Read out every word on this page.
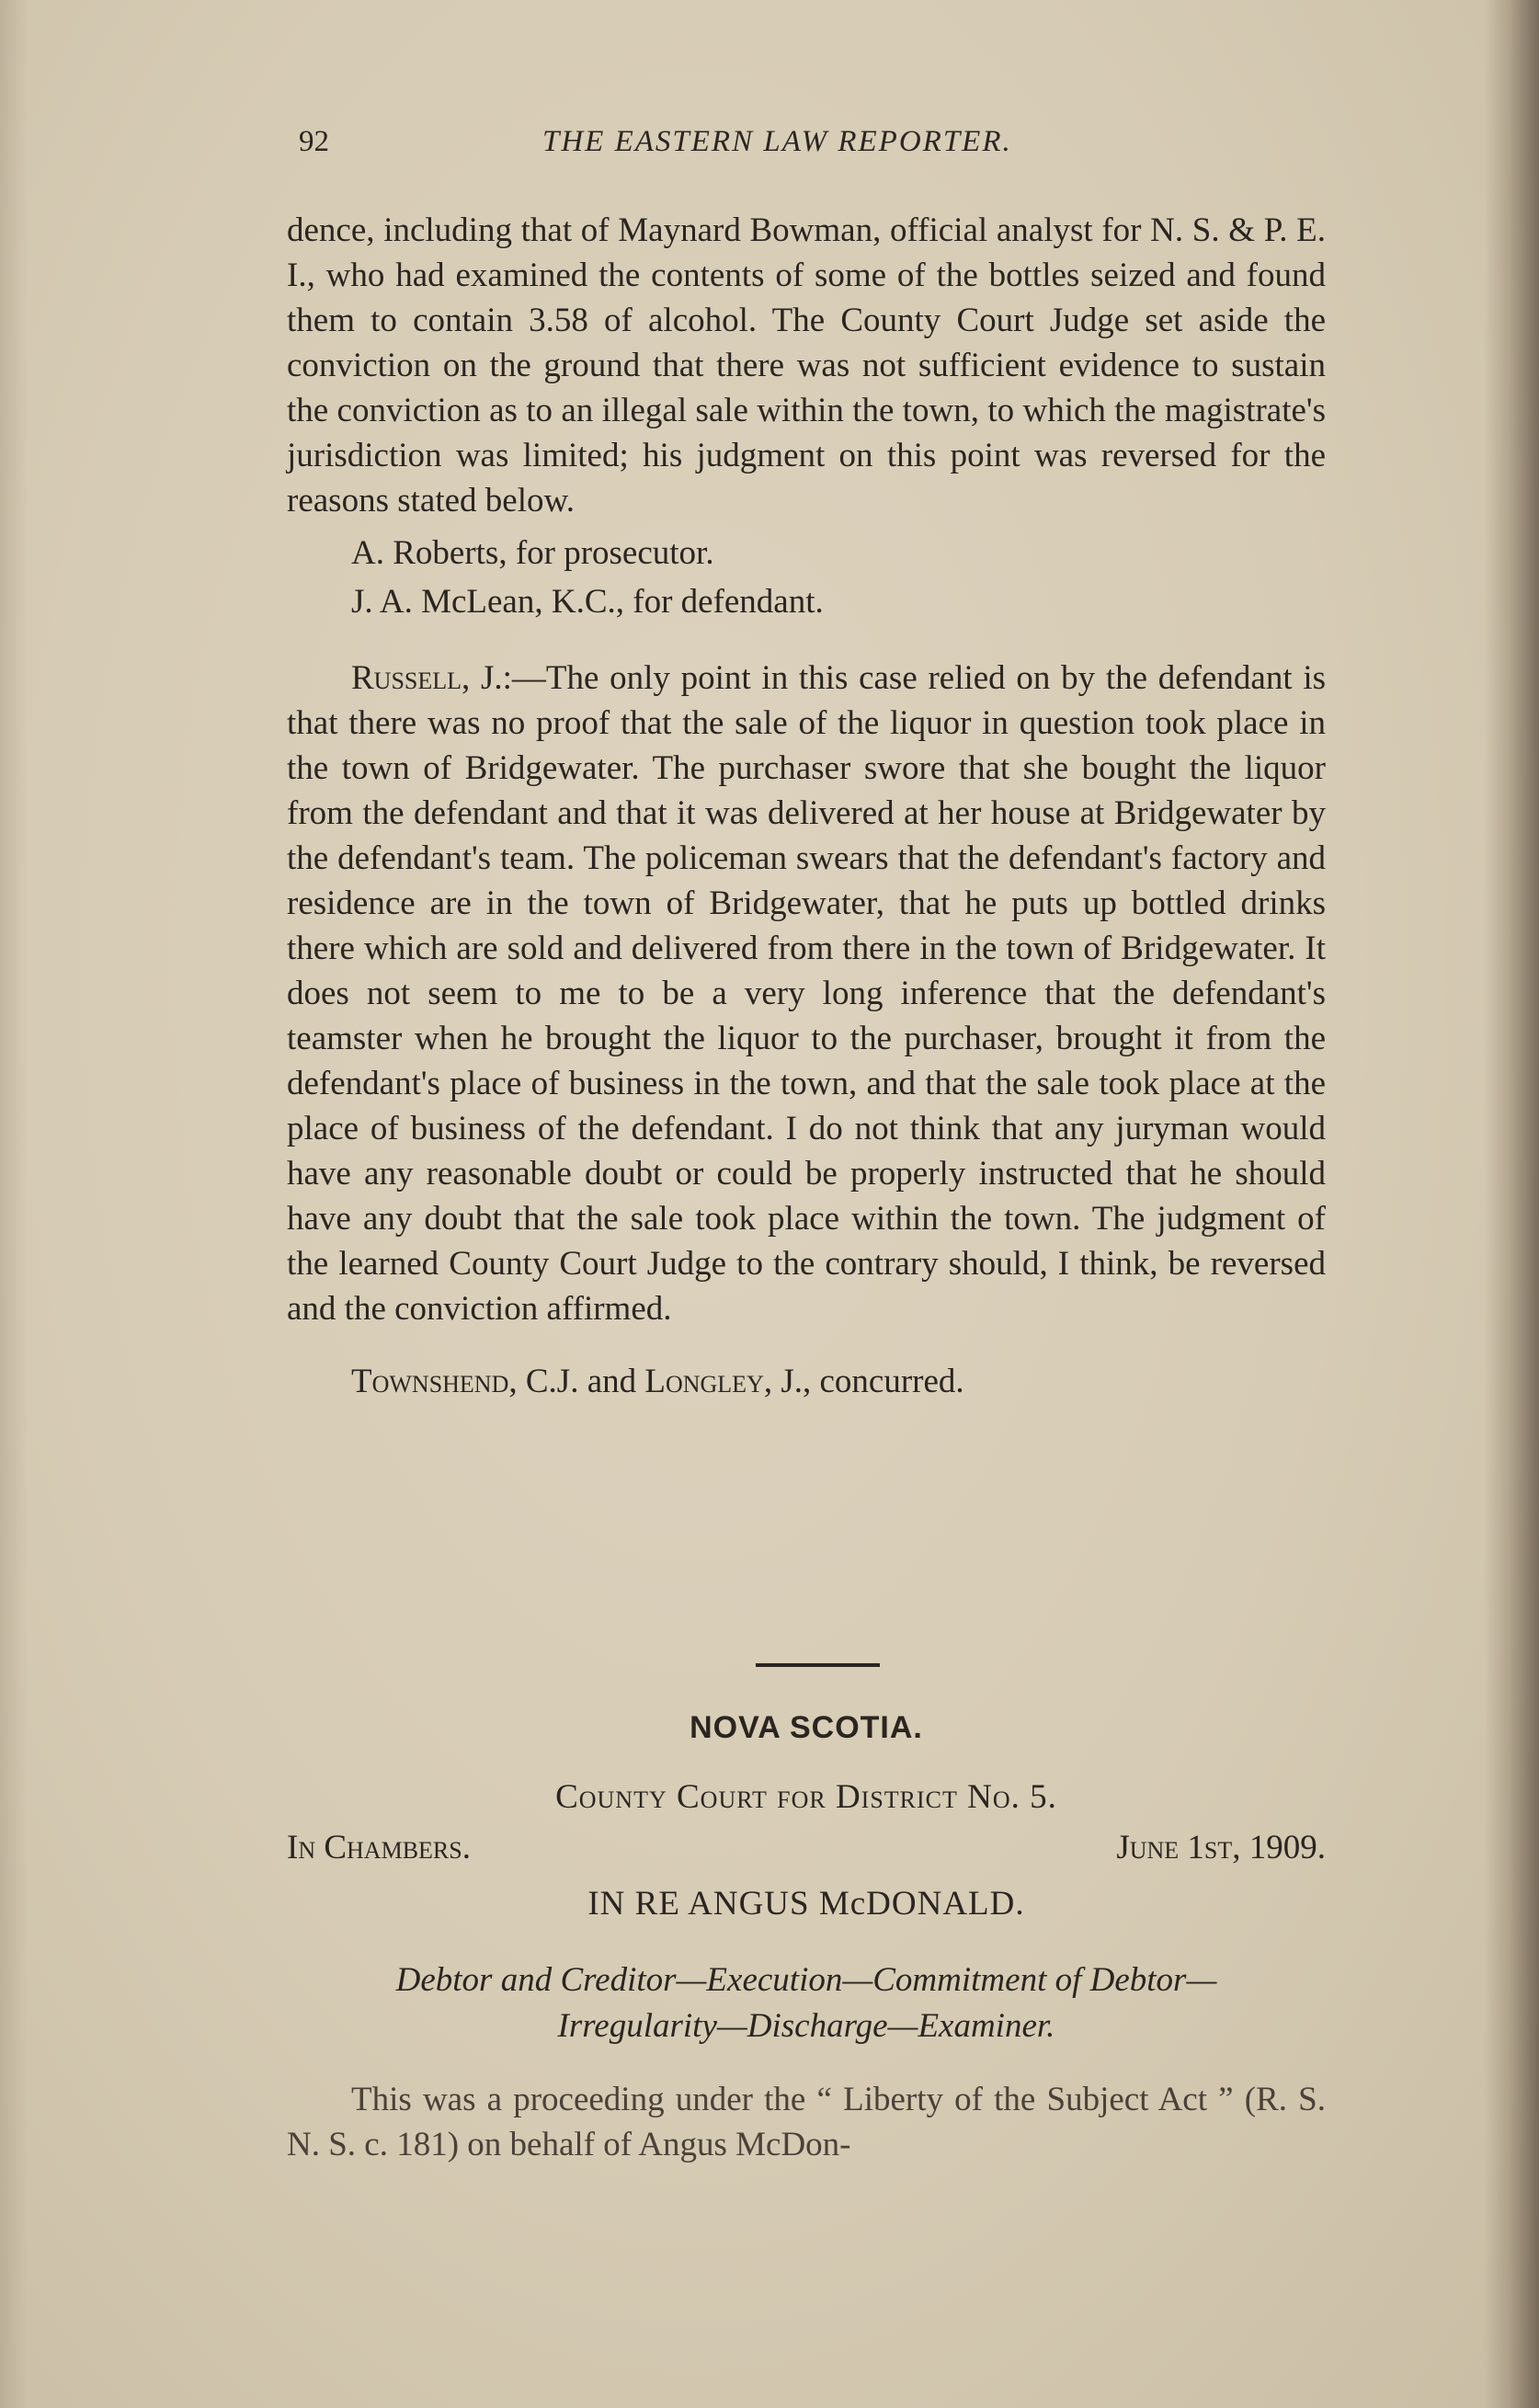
92	THE EASTERN LAW REPORTER.

dence, including that of Maynard Bowman, official analyst for N. S. & P. E. I., who had examined the contents of some of the bottles seized and found them to contain 3.58 of alcohol. The County Court Judge set aside the conviction on the ground that there was not sufficient evidence to sustain the conviction as to an illegal sale within the town, to which the magistrate's jurisdiction was limited; his judgment on this point was reversed for the reasons stated below.

A. Roberts, for prosecutor.

J. A. McLean, K.C., for defendant.

Russell, J.:—The only point in this case relied on by the defendant is that there was no proof that the sale of the liquor in question took place in the town of Bridgewater. The purchaser swore that she bought the liquor from the defendant and that it was delivered at her house at Bridgewater by the defendant's team. The policeman swears that the defendant's factory and residence are in the town of Bridgewater, that he puts up bottled drinks there which are sold and delivered from there in the town of Bridgewater. It does not seem to me to be a very long inference that the defendant's teamster when he brought the liquor to the purchaser, brought it from the defendant's place of business in the town, and that the sale took place at the place of business of the defendant. I do not think that any juryman would have any reasonable doubt or could be properly instructed that he should have any doubt that the sale took place within the town. The judgment of the learned County Court Judge to the contrary should, I think, be reversed and the conviction affirmed.

Townshend, C.J. and Longley, J., concurred.

NOVA SCOTIA.

County Court for District No. 5.

In Chambers.	June 1st, 1909.

IN RE ANGUS McDONALD.

Debtor and Creditor—Execution—Commitment of Debtor—

Irregularity—Discharge—Examiner.

This was a proceeding under the “ Liberty of the Subject Act ” (R. S. N. S. c. 181) on behalf of Angus McDon-
